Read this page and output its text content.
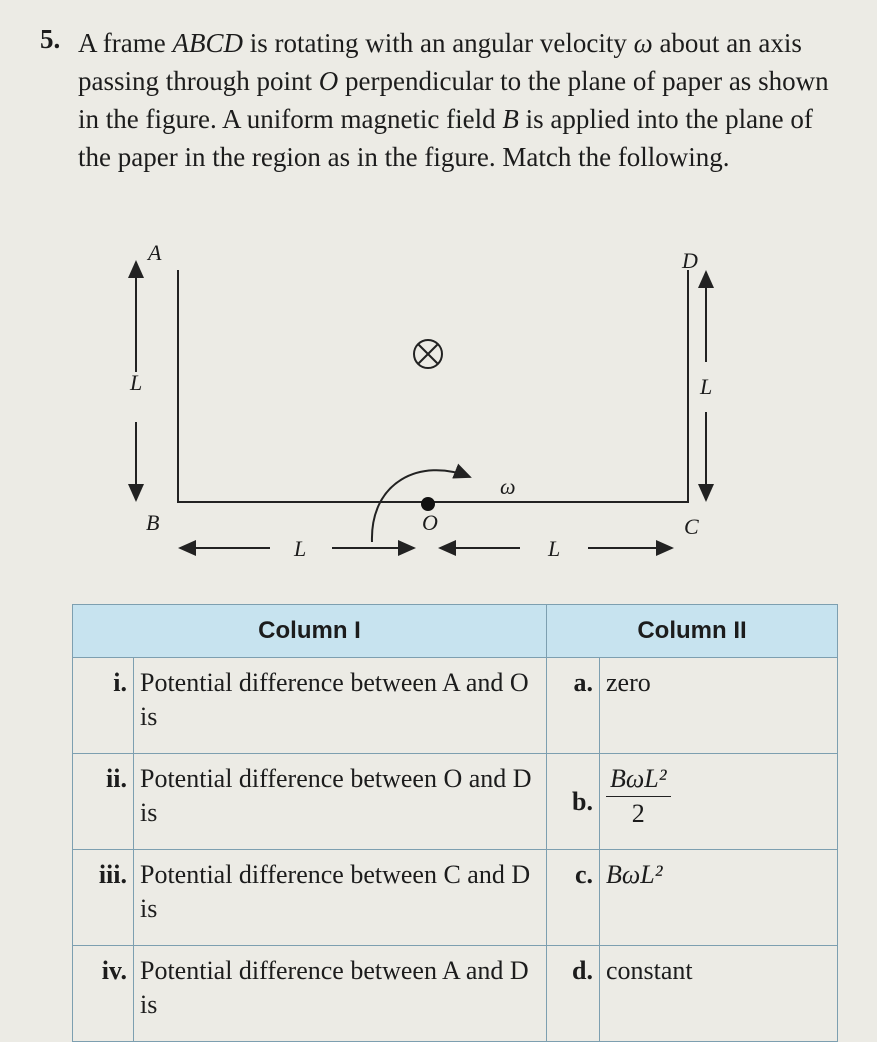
5. A frame ABCD is rotating with an angular velocity ω about an axis passing through point O perpendicular to the plane of paper as shown in the figure. A uniform magnetic field B is applied into the plane of the paper in the region as in the figure. Match the following.
A	D
B	C
O
L	L
L	L
ω
Column I		Column II	
i.	Potential difference between A and O is	a.	zero
ii.	Potential difference between O and D is	b.	$\frac{\text{BωL²}}{2}$

iii.	Potential difference between C and D is	c.	BωL²
iv.	Potential difference between A and D is	d.	constant
